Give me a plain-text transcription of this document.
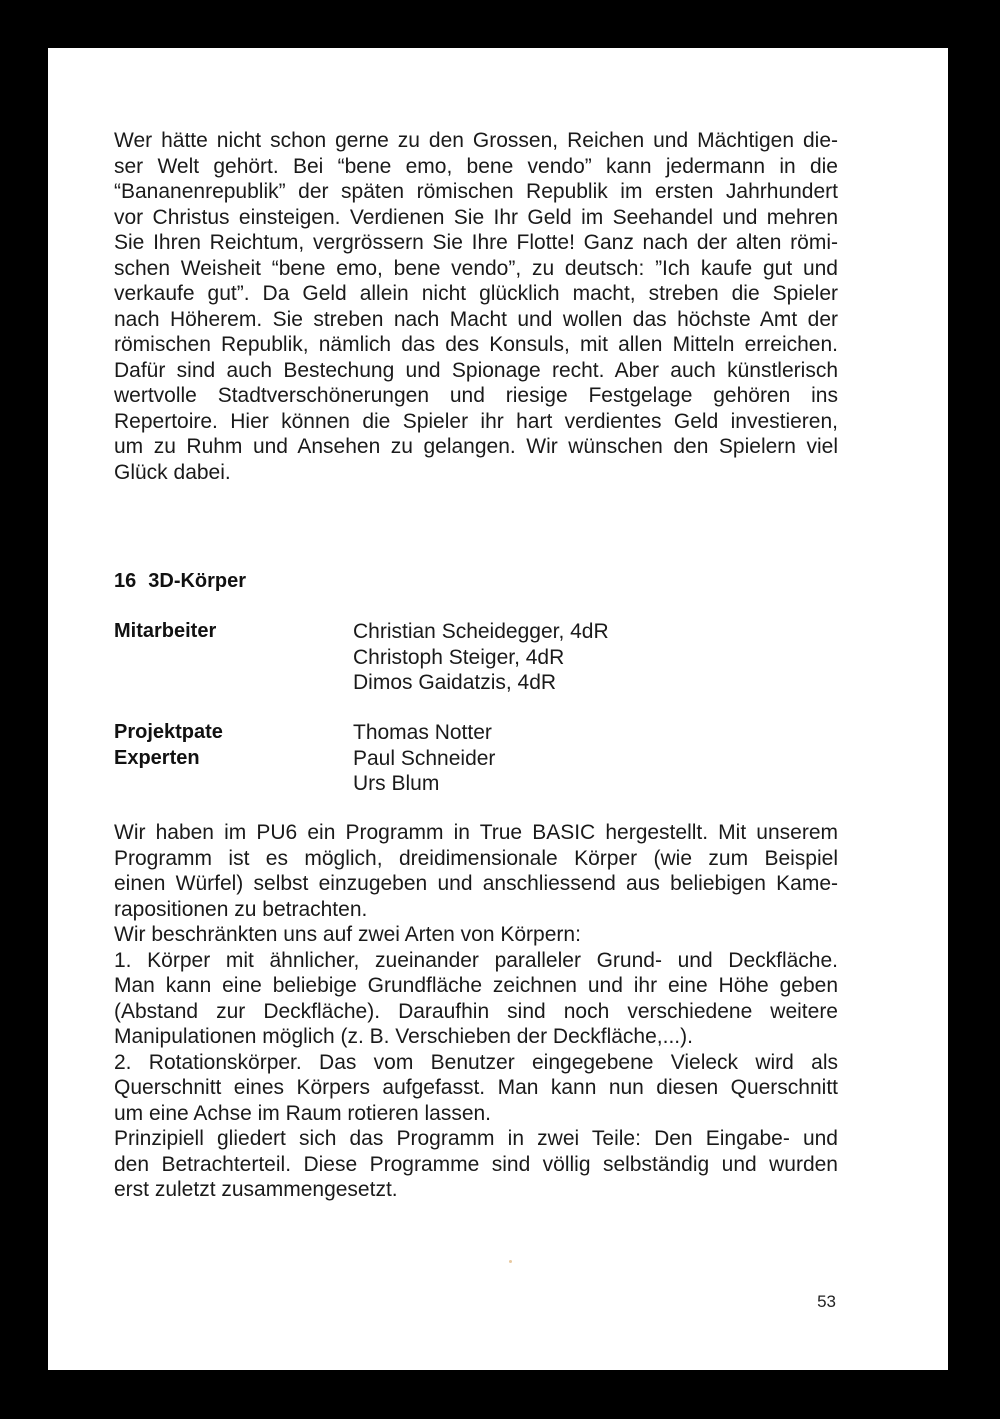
Wer hätte nicht schon gerne zu den Grossen, Reichen und Mächtigen die-
ser Welt gehört. Bei “bene emo, bene vendo” kann jedermann in die
“Bananenrepublik” der späten römischen Republik im ersten Jahrhundert
vor Christus einsteigen. Verdienen Sie Ihr Geld im Seehandel und mehren
Sie Ihren Reichtum, vergrössern Sie Ihre Flotte! Ganz nach der alten römi-
schen Weisheit “bene emo, bene vendo”, zu deutsch: ”Ich kaufe gut und
verkaufe gut”. Da Geld allein nicht glücklich macht, streben die Spieler
nach Höherem. Sie streben nach Macht und wollen das höchste Amt der
römischen Republik, nämlich das des Konsuls, mit allen Mitteln erreichen.
Dafür sind auch Bestechung und Spionage recht. Aber auch künstlerisch
wertvolle Stadtverschönerungen und riesige Festgelage gehören ins
Repertoire. Hier können die Spieler ihr hart verdientes Geld investieren,
um zu Ruhm und Ansehen zu gelangen. Wir wünschen den Spielern viel
Glück dabei.
16 3D-Körper
Mitarbeiter	Christian Scheidegger, 4dR
Christoph Steiger, 4dR
Dimos Gaidatzis, 4dR
Projektpate
Experten
Thomas Notter
Paul Schneider
Urs Blum
Wir haben im PU6 ein Programm in True BASIC hergestellt. Mit unserem
Programm ist es möglich, dreidimensionale Körper (wie zum Beispiel
einen Würfel) selbst einzugeben und anschliessend aus beliebigen Kame-
rapositionen zu betrachten.
Wir beschränkten uns auf zwei Arten von Körpern:
1. Körper mit ähnlicher, zueinander paralleler Grund- und Deckfläche.
Man kann eine beliebige Grundfläche zeichnen und ihr eine Höhe geben
(Abstand zur Deckfläche). Daraufhin sind noch verschiedene weitere
Manipulationen möglich (z. B. Verschieben der Deckfläche,...).
2. Rotationskörper. Das vom Benutzer eingegebene Vieleck wird als
Querschnitt eines Körpers aufgefasst. Man kann nun diesen Querschnitt
um eine Achse im Raum rotieren lassen.
Prinzipiell gliedert sich das Programm in zwei Teile: Den Eingabe- und
den Betrachterteil. Diese Programme sind völlig selbständig und wurden
erst zuletzt zusammengesetzt.
53
